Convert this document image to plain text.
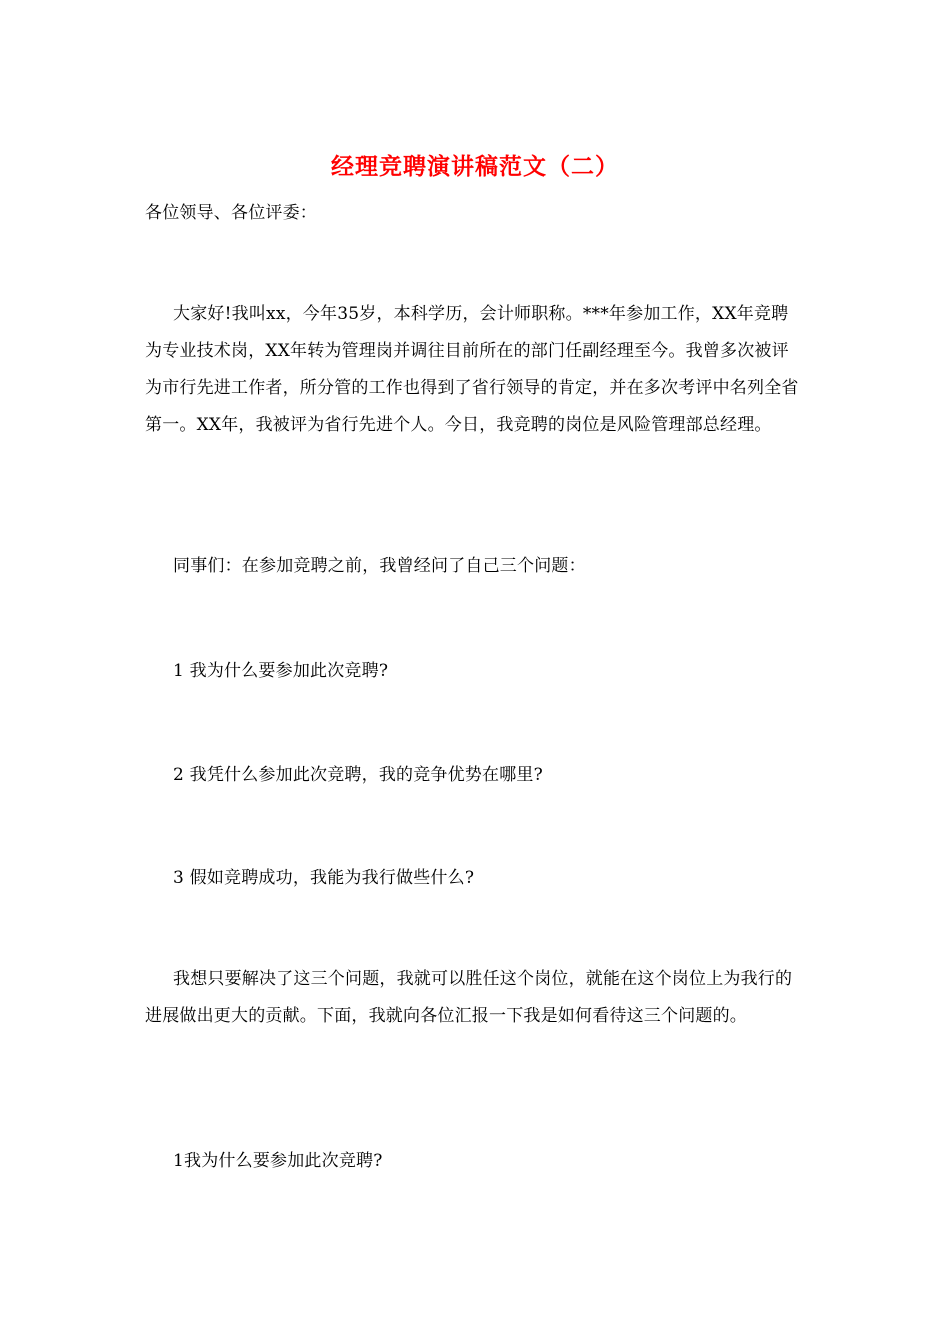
经理竞聘演讲稿范文（二）
各位领导、各位评委：
大家好!我叫xx，今年35岁，本科学历，会计师职称。***年参加工作，XX年竞聘为专业技术岗，XX年转为管理岗并调往目前所在的部门任副经理至今。我曾多次被评为市行先进工作者，所分管的工作也得到了省行领导的肯定，并在多次考评中名列全省第一。XX年，我被评为省行先进个人。今日，我竞聘的岗位是风险管理部总经理。
同事们：在参加竞聘之前，我曾经问了自己三个问题：
1 我为什么要参加此次竞聘?
2 我凭什么参加此次竞聘，我的竞争优势在哪里?
3 假如竞聘成功，我能为我行做些什么?
我想只要解决了这三个问题，我就可以胜任这个岗位，就能在这个岗位上为我行的进展做出更大的贡献。下面，我就向各位汇报一下我是如何看待这三个问题的。
1我为什么要参加此次竞聘?
